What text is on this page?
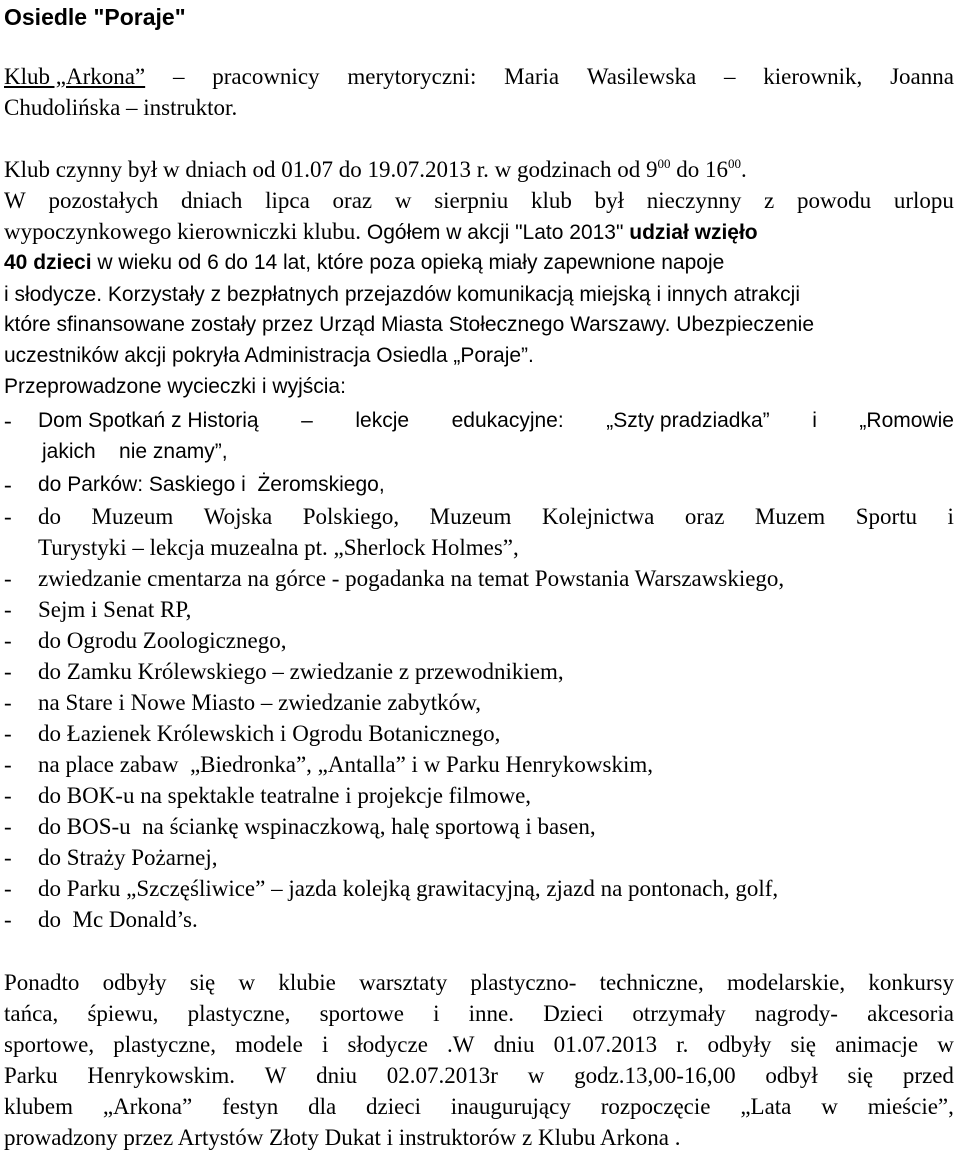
Osiedle "Poraje"
Klub „Arkona” – pracownicy merytoryczni: Maria Wasilewska – kierownik, Joanna
Chudolińska – instruktor.
Klub czynny był w dniach od 01.07 do 19.07.2013 r. w godzinach od $9^{00}$ do $16^{00}$.
W pozostałych dniach lipca oraz w sierpniu klub był nieczynny z powodu urlopu
wypoczynkowego kierowniczki klubu. Ogółem w akcji "Lato 2013" udział wzięło
40 dzieci w wieku od 6 do 14 lat, które poza opieką miały zapewnione napoje
i słodycze. Korzystały z bezpłatnych przejazdów komunikacją miejską i innych atrakcji
które sfinansowane zostały przez Urząd Miasta Stołecznego Warszawy. Ubezpieczenie
uczestników akcji pokryła Administracja Osiedla „Poraje”.
Przeprowadzone wycieczki i wyjścia:
- Dom Spotkań z Historią – lekcje edukacyjne: „Szty pradziadka” i „Romowie
jakich    nie znamy”,
- do Parków: Saskiego i  Żeromskiego,
- do Muzeum Wojska Polskiego, Muzeum Kolejnictwa oraz Muzem Sportu i
Turystyki – lekcja muzealna pt. „Sherlock Holmes”,
- zwiedzanie cmentarza na górce - pogadanka na temat Powstania Warszawskiego,
- Sejm i Senat RP,
- do Ogrodu Zoologicznego,
- do Zamku Królewskiego – zwiedzanie z przewodnikiem,
- na Stare i Nowe Miasto – zwiedzanie zabytków,
- do Łazienek Królewskich i Ogrodu Botanicznego,
- na place zabaw  „Biedronka”, „Antalla” i w Parku Henrykowskim,
- do BOK-u na spektakle teatralne i projekcje filmowe,
- do BOS-u  na ściankę wspinaczkową, halę sportową i basen,
- do Straży Pożarnej,
- do Parku „Szczęśliwice” – jazda kolejką grawitacyjną, zjazd na pontonach, golf,
- do  Mc Donald’s.
Ponadto odbyły się w klubie warsztaty plastyczno- techniczne, modelarskie, konkursy
tańca, śpiewu, plastyczne, sportowe i inne. Dzieci otrzymały nagrody- akcesoria
sportowe, plastyczne, modele i słodycze .W dniu 01.07.2013 r. odbyły się animacje w
Parku Henrykowskim. W dniu 02.07.2013r w godz.13,00-16,00 odbył się przed
klubem „Arkona” festyn dla dzieci inaugurujący rozpoczęcie „Lata w mieście”,
prowadzony przez Artystów Złoty Dukat i instruktorów z Klubu Arkona .
